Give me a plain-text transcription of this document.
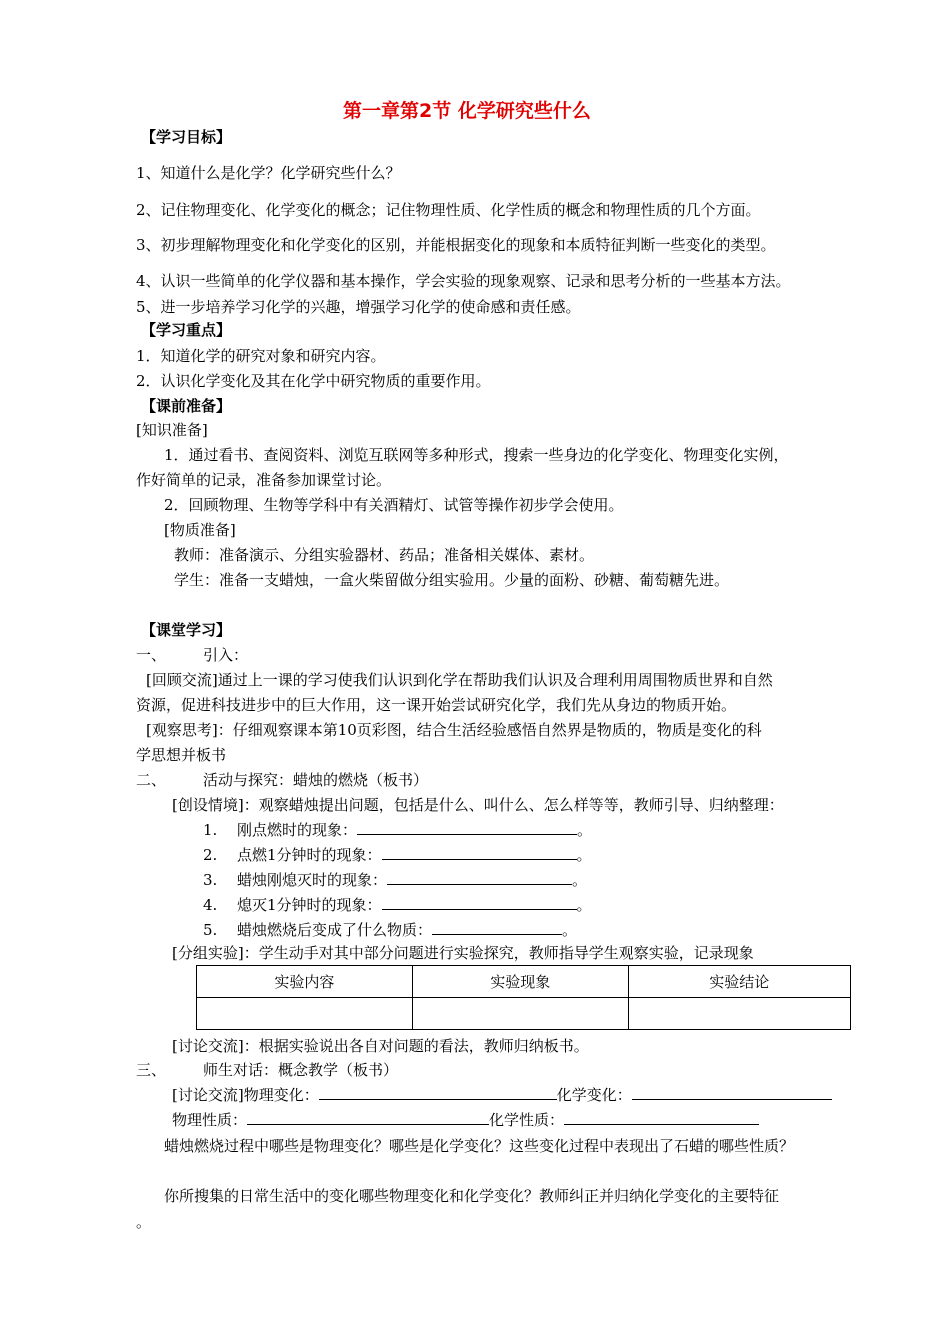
第一章第2节 化学研究些什么
【学习目标】
1、知道什么是化学？化学研究些什么？
2、记住物理变化、化学变化的概念；记住物理性质、化学性质的概念和物理性质的几个方面。
3、初步理解物理变化和化学变化的区别，并能根据变化的现象和本质特征判断一些变化的类型。
4、认识一些简单的化学仪器和基本操作，学会实验的现象观察、记录和思考分析的一些基本方法。
5、进一步培养学习化学的兴趣，增强学习化学的使命感和责任感。
【学习重点】
1．知道化学的研究对象和研究内容。
2．认识化学变化及其在化学中研究物质的重要作用。
【课前准备】
[知识准备]
1．通过看书、查阅资料、浏览互联网等多种形式，搜索一些身边的化学变化、物理变化实例，
作好简单的记录，准备参加课堂讨论。
2．回顾物理、生物等学科中有关酒精灯、试管等操作初步学会使用。
[物质准备]
教师：准备演示、分组实验器材、药品；准备相关媒体、素材。
学生：准备一支蜡烛，一盒火柴留做分组实验用。少量的面粉、砂糖、葡萄糖先进。
【课堂学习】
一、 引入：
[回顾交流]通过上一课的学习使我们认识到化学在帮助我们认识及合理利用周围物质世界和自然
资源，促进科技进步中的巨大作用，这一课开始尝试研究化学，我们先从身边的物质开始。
[观察思考]：仔细观察课本第10页彩图，结合生活经验感悟自然界是物质的，物质是变化的科
学思想并板书
二、 活动与探究：蜡烛的燃烧（板书）
[创设情境]：观察蜡烛提出问题，包括是什么、叫什么、怎么样等等，教师引导、归纳整理：
1. 刚点燃时的现象：	。
2. 点燃1分钟时的现象：	。
3. 蜡烛刚熄灭时的现象：	。
4. 熄灭1分钟时的现象：	。
5. 蜡烛燃烧后变成了什么物质：	。
[分组实验]：学生动手对其中部分问题进行实验探究，教师指导学生观察实验，记录现象
实验内容	实验现象	实验结论

[讨论交流]：根据实验说出各自对问题的看法，教师归纳板书。
三、 师生对话：概念教学（板书）
[讨论交流]物理变化：	化学变化：
物理性质：	化学性质：
蜡烛燃烧过程中哪些是物理变化？哪些是化学变化？这些变化过程中表现出了石蜡的哪些性质？
你所搜集的日常生活中的变化哪些物理变化和化学变化？教师纠正并归纳化学变化的主要特征
。
